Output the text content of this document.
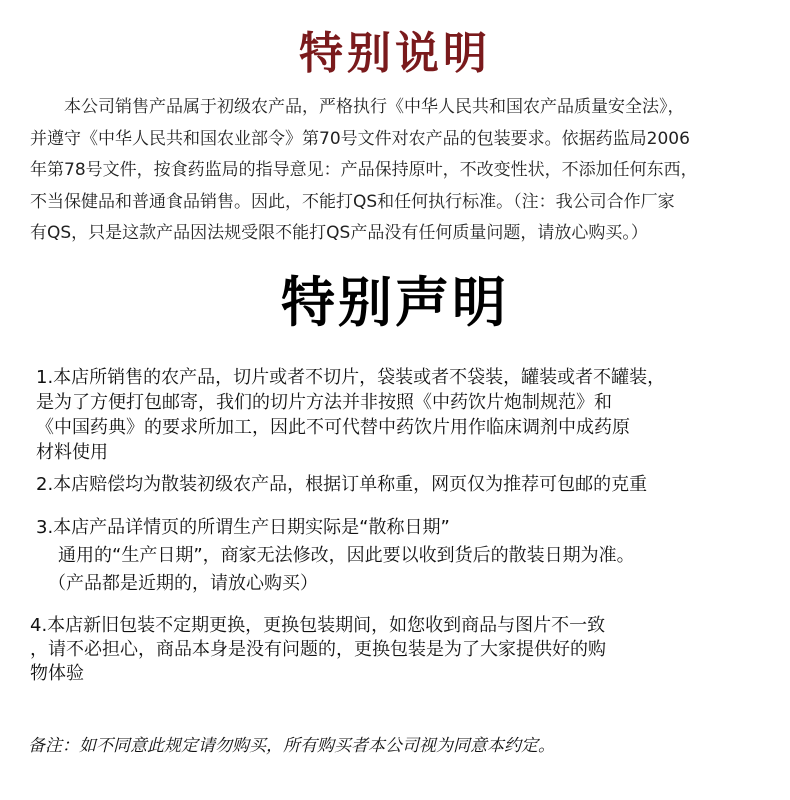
特别说明

本公司销售产品属于初级农产品，严格执行《中华人民共和国农产品质量安全法》，

并遵守《中华人民共和国农业部令》第70号文件对农产品的包装要求。依据药监局2006

年第78号文件，按食药监局的指导意见：产品保持原叶，不改变性状，不添加任何东西，

不当保健品和普通食品销售。因此，不能打QS和任何执行标准。（注：我公司合作厂家

有QS，只是这款产品因法规受限不能打QS产品没有任何质量问题，请放心购买。）

特别声明

1.本店所销售的农产品，切片或者不切片，袋装或者不袋装，罐装或者不罐装，

是为了方便打包邮寄，我们的切片方法并非按照《中药饮片炮制规范》和

《中国药典》的要求所加工，因此不可代替中药饮片用作临床调剂中成药原

材料使用

2.本店赔偿均为散装初级农产品，根据订单称重，网页仅为推荐可包邮的克重

3.本店产品详情页的所谓生产日期实际是“散称日期”

通用的“生产日期”，商家无法修改，因此要以收到货后的散装日期为准。

（产品都是近期的，请放心购买）

4.本店新旧包装不定期更换，更换包装期间，如您收到商品与图片不一致

，请不必担心，商品本身是没有问题的，更换包装是为了大家提供好的购

物体验

备注：如不同意此规定请勿购买，所有购买者本公司视为同意本约定。
